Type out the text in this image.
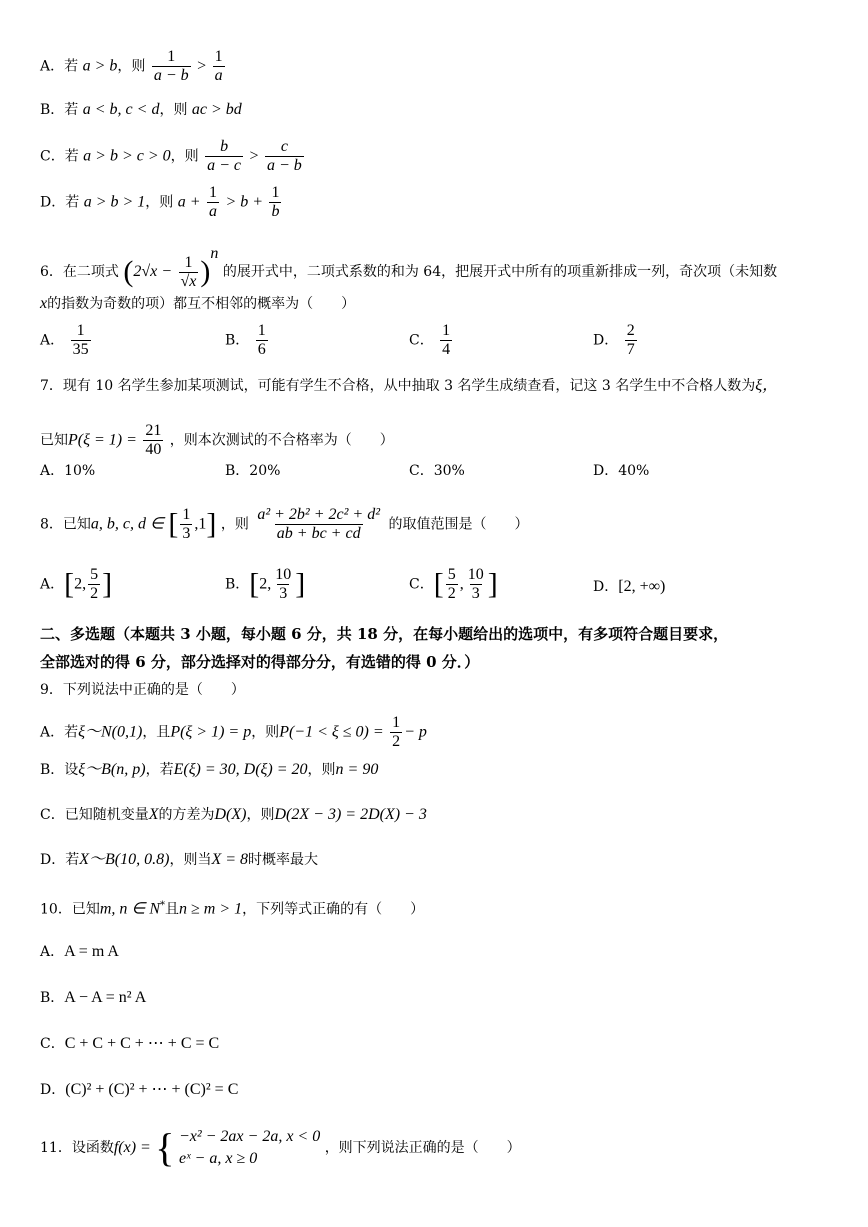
A．若 a > b，则 $\frac{1}{a - b} > \frac{1}{a}$
B．若 a < b, c < d，则 ac > bd
C．若 a > b > c > 0，则 $\frac{b}{a - c} > \frac{c}{a - b}$
D．若 a > b > 1，则 $a + \frac{1}{a} > b + \frac{1}{b}$
6．在二项式 $(2√x - \frac{1}{√x} )^n$ 的展开式中，二项式系数的和为 64，把展开式中所有的项重新排成一列，奇次项（未知数
x的指数为奇数的项）都互不相邻的概率为（　　）
A． $\frac{1}{35}$	B． $\frac{1}{6}$	C． $\frac{1}{4}$	D． $\frac{2}{7}$
7．现有 10 名学生参加某项测试，可能有学生不合格，从中抽取 3 名学生成绩查看，记这 3 名学生中不合格人数为ξ，
已知$P(\xi = 1) = \frac{21}{40}$ ，则本次测试的不合格率为（　　）
A．10%	B．20%	C．30%	D．40%
8．已知a, b, c, d ∈ [ $\frac{1}{3} ,1$] ，则 $\frac{\text{a² + 2b² + 2c² + d²}}{ab + bc + cd}$ 的取值范围是（　　）
A．[2, $\frac{5}{2}$ ]	B．[2, $\frac{10}{3}$ ]	C．[ $\frac{5}{2}$ , $\frac{10}{3}$ ]	D．[2, +∞)
二、多选题（本题共 3 小题，每小题 6 分，共 18 分，在每小题给出的选项中，有多项符合题目要求，
全部选对的得 6 分，部分选择对的得部分分，有选错的得 0 分．）
9．下列说法中正确的是（　　）
A．若ξ～N(0,1)，且P(ξ > 1) = p，则$P(-1 < \xi \le 0) = \frac{1}{2} - p$
B．设ξ～B(n, p)，若E(ξ) = 30, D(ξ) = 20，则n = 90
C．已知随机变量X的方差为D(X)，则D(2X − 3) = 2D(X) − 3
D．若X～B(10, 0.8)，则当X = 8时概率最大
10．已知m, n ∈ N*且n ≥ m > 1，下列等式正确的有（　　）
A．A = m A
B．A − A = n² A
C．C + C + C + ⋯ + C = C
D．(C)² + (C)² + ⋯ + (C)² = C
11．设函数f(x) = { −x² − 2ax − 2a, x < 0
eˣ − a, x ≥ 0
，则下列说法正确的是（　　）
